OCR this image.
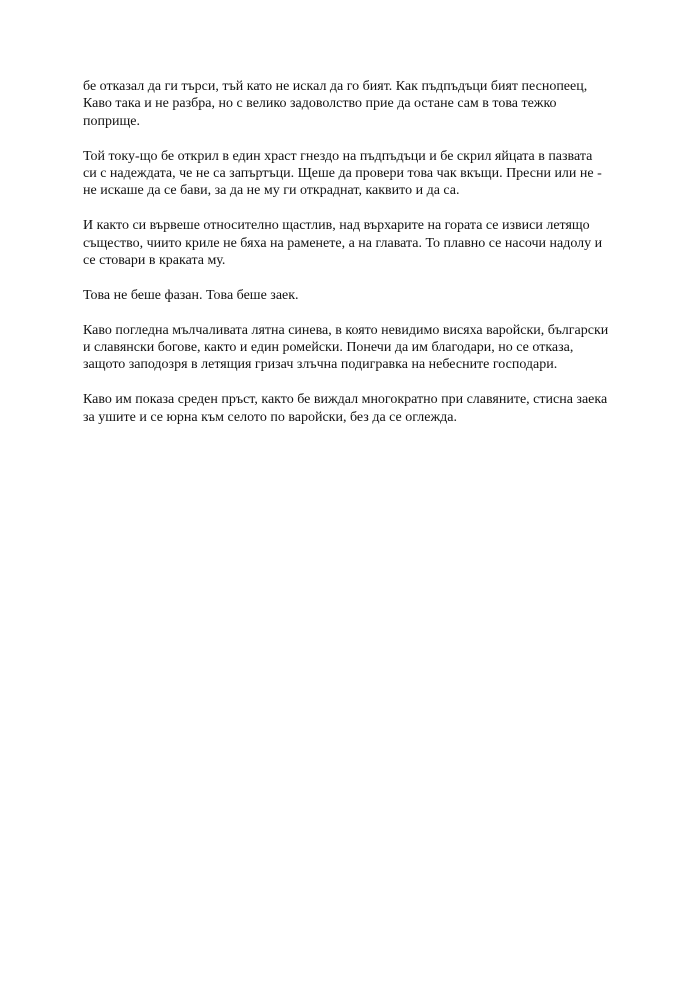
бе отказал да ги търси, тъй като не искал да го бият. Как пъдпъдъци бият песнопеец,
Каво така и не разбра, но с велико задоволство прие да остане сам в това тежко
поприще.

Той току-що бе открил в един храст гнездо на пъдпъдъци и бе скрил яйцата в пазвата
си с надеждата, че не са запъртъци. Щеше да провери това чак вкъщи. Пресни или не -
не искаше да се бави, за да не му ги откраднат, каквито и да са.

И както си вървеше относително щастлив, над върхарите на гората се извиси летящо
същество, чиито криле не бяха на раменете, а на главата. То плавно се насочи надолу и
се стовари в краката му.

Това не беше фазан. Това беше заек.

Каво погледна мълчаливата лятна синева, в която невидимо висяха варойски, български
и славянски богове, както и един ромейски. Понечи да им благодари, но се отказа,
защото заподозря в летящия гризач злъчна подигравка на небесните господари.

Каво им показа среден пръст, както бе виждал многократно при славяните, стисна заека
за ушите и се юрна към селото по варойски, без да се оглежда.
